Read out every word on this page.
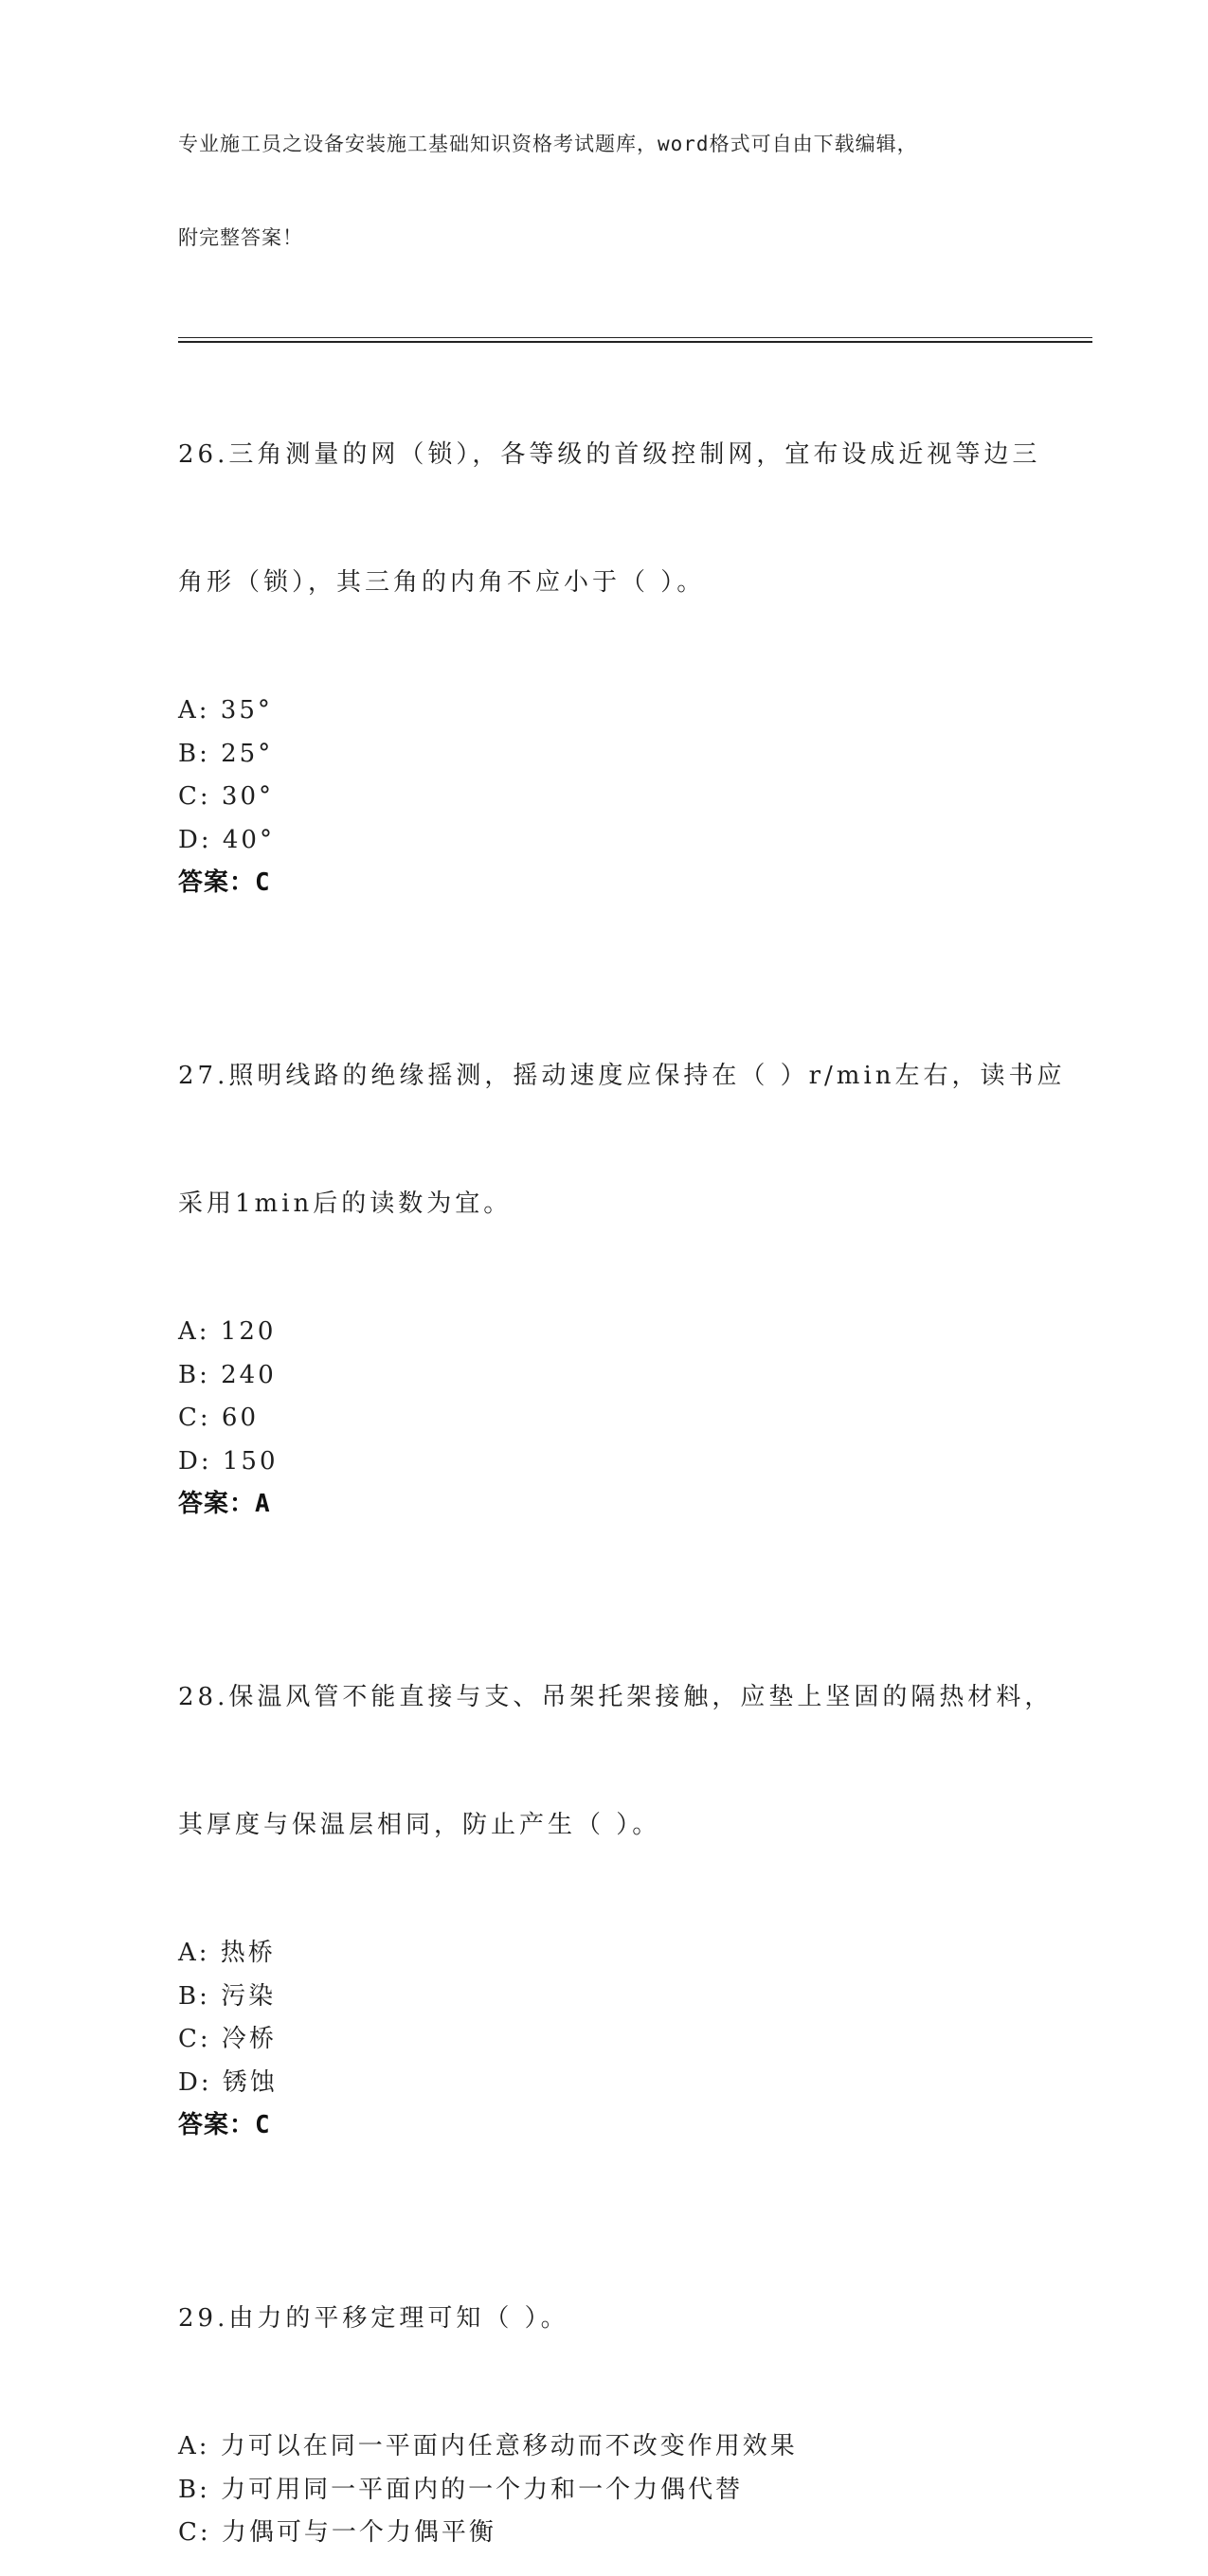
专业施工员之设备安装施工基础知识资格考试题库，word格式可自由下载编辑，

附完整答案！

26.三角测量的网（锁），各等级的首级控制网，宜布设成近视等边三

角形（锁），其三角的内角不应小于（ ）。

A: 35°
B: 25°
C: 30°
D: 40°
答案：C

27.照明线路的绝缘摇测，摇动速度应保持在（ ）r/min左右，读书应

采用1min后的读数为宜。

A: 120
B: 240
C: 60
D: 150
答案：A

28.保温风管不能直接与支、吊架托架接触，应垫上坚固的隔热材料，

其厚度与保温层相同，防止产生（ ）。

A: 热桥
B: 污染
C: 冷桥
D: 锈蚀
答案：C

29.由力的平移定理可知（ ）。

A: 力可以在同一平面内任意移动而不改变作用效果
B: 力可用同一平面内的一个力和一个力偶代替
C: 力偶可与一个力偶平衡
